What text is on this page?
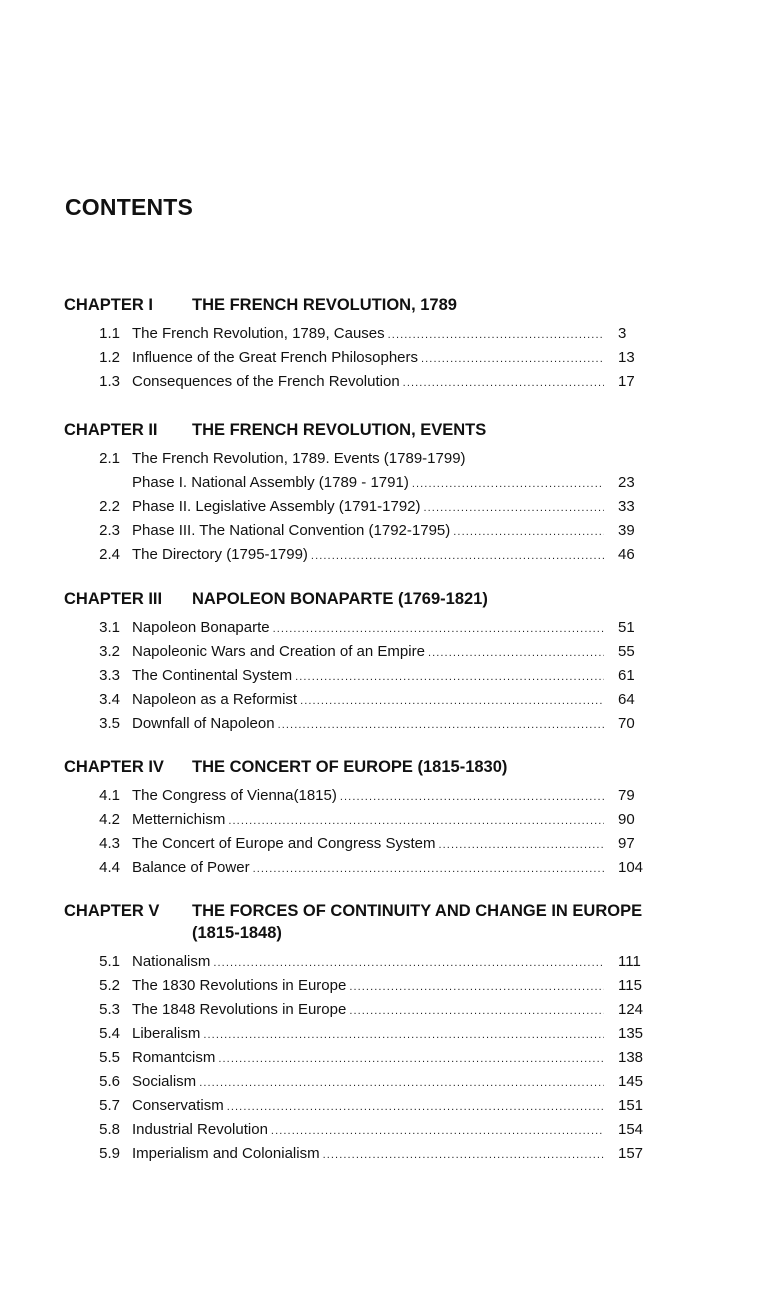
CONTENTS
CHAPTER I	THE FRENCH REVOLUTION, 1789
1.1 The French Revolution, 1789, Causes .....	3
1.2 Influence of the Great French Philosophers .....	13
1.3 Consequences of the French Revolution .....	17
CHAPTER II	THE FRENCH REVOLUTION, EVENTS
2.1 The French Revolution, 1789. Events (1789-1799)
Phase I. National Assembly (1789 - 1791) .....	23
2.2 Phase II. Legislative Assembly (1791-1792) .....	33
2.3 Phase III. The National Convention (1792-1795) .....	39
2.4 The Directory (1795-1799) .....	46
CHAPTER III	NAPOLEON BONAPARTE (1769-1821)
3.1 Napoleon Bonaparte .....	51
3.2 Napoleonic Wars and Creation of an Empire .....	55
3.3 The Continental System .....	61
3.4 Napoleon as a Reformist .....	64
3.5 Downfall of Napoleon .....	70
CHAPTER IV	THE CONCERT OF EUROPE (1815-1830)
4.1 The Congress of Vienna(1815) .....	79
4.2 Metternichism .....	90
4.3 The Concert of Europe and Congress System .....	97
4.4 Balance of Power .....	104
CHAPTER V	THE FORCES OF CONTINUITY AND CHANGE IN EUROPE (1815-1848)
5.1 Nationalism .....	111
5.2 The 1830 Revolutions in Europe .....	115
5.3 The 1848 Revolutions in Europe .....	124
5.4 Liberalism .....	135
5.5 Romantcism .....	138
5.6 Socialism .....	145
5.7 Conservatism .....	151
5.8 Industrial Revolution .....	154
5.9 Imperialism and Colonialism .....	157
